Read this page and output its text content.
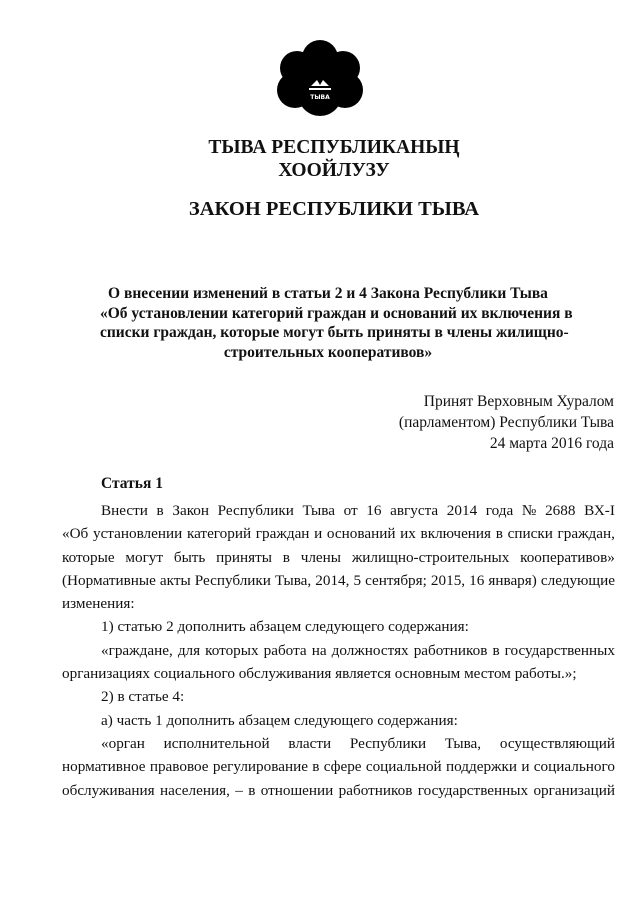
ТЫВА
ТЫВА РЕСПУБЛИКАНЫҢ
ХООЙЛУЗУ
ЗАКОН РЕСПУБЛИКИ ТЫВА
О внесении изменений в статьи 2 и 4 Закона Республики Тыва
«Об установлении категорий граждан и оснований их включения в
списки граждан, которые могут быть приняты в члены жилищно-
строительных кооперативов»
Принят Верховным Хуралом
(парламентом) Республики Тыва
24 марта 2016 года
Статья 1
Внести в Закон Республики Тыва от 16 августа 2014 года № 2688 ВХ-I
«Об установлении категорий граждан и оснований их включения в списки граждан,
которые могут быть приняты в члены жилищно-строительных кооперативов»
(Нормативные акты Республики Тыва, 2014, 5 сентября; 2015, 16 января) следующие
изменения:
1) статью 2 дополнить абзацем следующего содержания:
«граждане, для которых работа на должностях работников в государственных
организациях социального обслуживания является основным местом работы.»;
2) в статье 4:
а) часть 1 дополнить абзацем следующего содержания:
«орган исполнительной власти Республики Тыва, осуществляющий
нормативное правовое регулирование в сфере социальной поддержки и социального
обслуживания населения, – в отношении работников государственных организаций
